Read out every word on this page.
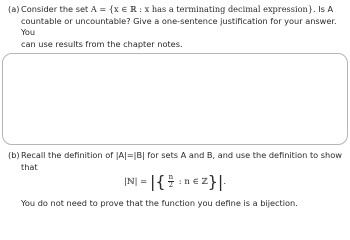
(a) Consider the set A = {x ∈ ℝ : x has a terminating decimal expression}. Is A
countable or uncountable? Give a one-sentence justification for your answer. You
can use results from the chapter notes.
(b)Recall the definition of |A|=|B| for sets A and B, and use the definition to show
that
|ℕ| = |{ $\frac{n}{2}$ : n ∈ ℤ}|.
You do not need to prove that the function you define is a bijection.
